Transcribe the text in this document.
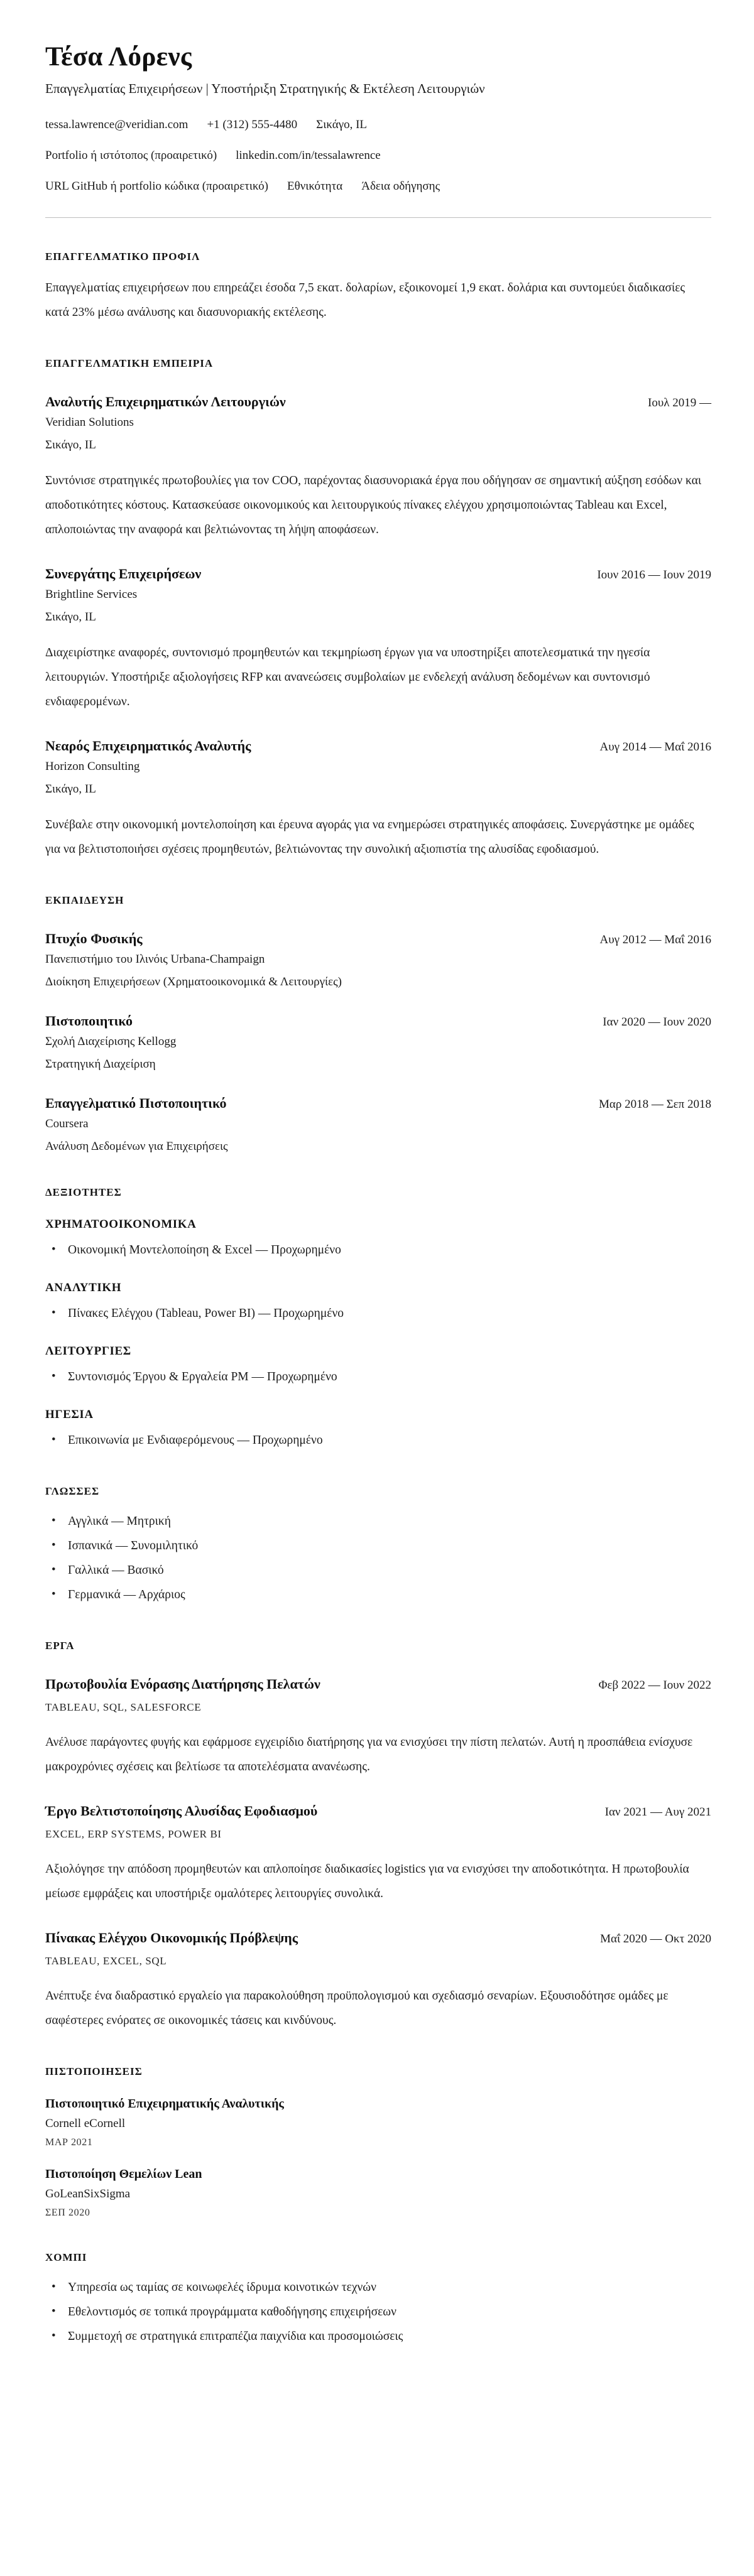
Τέσα Λόρενς
Επαγγελματίας Επιχειρήσεων | Υποστήριξη Στρατηγικής & Εκτέλεση Λειτουργιών
tessa.lawrence@veridian.com +1 (312) 555-4480 Σικάγο, IL
Portfolio ή ιστότοπος (προαιρετικό) linkedin.com/in/tessalawrence
URL GitHub ή portfolio κώδικα (προαιρετικό) Εθνικότητα Άδεια οδήγησης
ΕΠΑΓΓΕΛΜΑΤΙΚΟ ΠΡΟΦΙΛ

Επαγγελματίας επιχειρήσεων που επηρεάζει έσοδα 7,5 εκατ. δολαρίων, εξοικονομεί 1,9 εκατ. δολάρια και συντομεύει διαδικασίες κατά 23% μέσω ανάλυσης και διασυνοριακής εκτέλεσης.

ΕΠΑΓΓΕΛΜΑΤΙΚΗ ΕΜΠΕΙΡΙΑ
Αναλυτής Επιχειρηματικών Λειτουργιών	Ιουλ 2019 —
Veridian Solutions
Σικάγο, IL

Συντόνισε στρατηγικές πρωτοβουλίες για τον COO, παρέχοντας διασυνοριακά έργα που οδήγησαν σε σημαντική αύξηση εσόδων και αποδοτικότητες κόστους. Κατασκεύασε οικονομικούς και λειτουργικούς πίνακες ελέγχου χρησιμοποιώντας Tableau και Excel, απλοποιώντας την αναφορά και βελτιώνοντας τη λήψη αποφάσεων.

Συνεργάτης Επιχειρήσεων	Ιουν 2016 — Ιουν 2019
Brightline Services
Σικάγο, IL

Διαχειρίστηκε αναφορές, συντονισμό προμηθευτών και τεκμηρίωση έργων για να υποστηρίξει αποτελεσματικά την ηγεσία λειτουργιών. Υποστήριξε αξιολογήσεις RFP και ανανεώσεις συμβολαίων με ενδελεχή ανάλυση δεδομένων και συντονισμό ενδιαφερομένων.

Νεαρός Επιχειρηματικός Αναλυτής	Αυγ 2014 — Μαΐ 2016
Horizon Consulting
Σικάγο, IL

Συνέβαλε στην οικονομική μοντελοποίηση και έρευνα αγοράς για να ενημερώσει στρατηγικές αποφάσεις. Συνεργάστηκε με ομάδες για να βελτιστοποιήσει σχέσεις προμηθευτών, βελτιώνοντας την συνολική αξιοπιστία της αλυσίδας εφοδιασμού.

ΕΚΠΑΙΔΕΥΣΗ
Πτυχίο Φυσικής	Αυγ 2012 — Μαΐ 2016
Πανεπιστήμιο του Ιλινόις Urbana-Champaign
Διοίκηση Επιχειρήσεων (Χρηματοοικονομικά & Λειτουργίες)
Πιστοποιητικό	Ιαν 2020 — Ιουν 2020
Σχολή Διαχείρισης Kellogg
Στρατηγική Διαχείριση
Επαγγελματικό Πιστοποιητικό	Μαρ 2018 — Σεπ 2018
Coursera
Ανάλυση Δεδομένων για Επιχειρήσεις
ΔΕΞΙΟΤΗΤΕΣ
ΧΡΗΜΑΤΟΟΙΚΟΝΟΜΙΚΑ
• Οικονομική Μοντελοποίηση & Excel — Προχωρημένο
ΑΝΑΛΥΤΙΚΗ
• Πίνακες Ελέγχου (Tableau, Power BI) — Προχωρημένο
ΛΕΙΤΟΥΡΓΙΕΣ
• Συντονισμός Έργου & Εργαλεία PM — Προχωρημένο
ΗΓΕΣΙΑ
• Επικοινωνία με Ενδιαφερόμενους — Προχωρημένο
ΓΛΩΣΣΕΣ
• Αγγλικά — Μητρική
• Ισπανικά — Συνομιλητικό
• Γαλλικά — Βασικό
• Γερμανικά — Αρχάριος
ΕΡΓΑ
Πρωτοβουλία Ενόρασης Διατήρησης Πελατών	Φεβ 2022 — Ιουν 2022
TABLEAU, SQL, SALESFORCE

Ανέλυσε παράγοντες φυγής και εφάρμοσε εγχειρίδιο διατήρησης για να ενισχύσει την πίστη πελατών. Αυτή η προσπάθεια ενίσχυσε μακροχρόνιες σχέσεις και βελτίωσε τα αποτελέσματα ανανέωσης.

Έργο Βελτιστοποίησης Αλυσίδας Εφοδιασμού	Ιαν 2021 — Αυγ 2021
EXCEL, ERP SYSTEMS, POWER BI

Αξιολόγησε την απόδοση προμηθευτών και απλοποίησε διαδικασίες logistics για να ενισχύσει την αποδοτικότητα. Η πρωτοβουλία μείωσε εμφράξεις και υποστήριξε ομαλότερες λειτουργίες συνολικά.

Πίνακας Ελέγχου Οικονομικής Πρόβλεψης	Μαΐ 2020 — Οκτ 2020
TABLEAU, EXCEL, SQL

Ανέπτυξε ένα διαδραστικό εργαλείο για παρακολούθηση προϋπολογισμού και σχεδιασμό σεναρίων. Εξουσιοδότησε ομάδες με σαφέστερες ενόρατες σε οικονομικές τάσεις και κινδύνους.

ΠΙΣΤΟΠΟΙΗΣΕΙΣ
Πιστοποιητικό Επιχειρηματικής Αναλυτικής
Cornell eCornell
ΜΑΡ 2021
Πιστοποίηση Θεμελίων Lean
GoLeanSixSigma
ΣΕΠ 2020
ΧΟΜΠΙ
• Υπηρεσία ως ταμίας σε κοινωφελές ίδρυμα κοινοτικών τεχνών
• Εθελοντισμός σε τοπικά προγράμματα καθοδήγησης επιχειρήσεων
• Συμμετοχή σε στρατηγικά επιτραπέζια παιχνίδια και προσομοιώσεις
